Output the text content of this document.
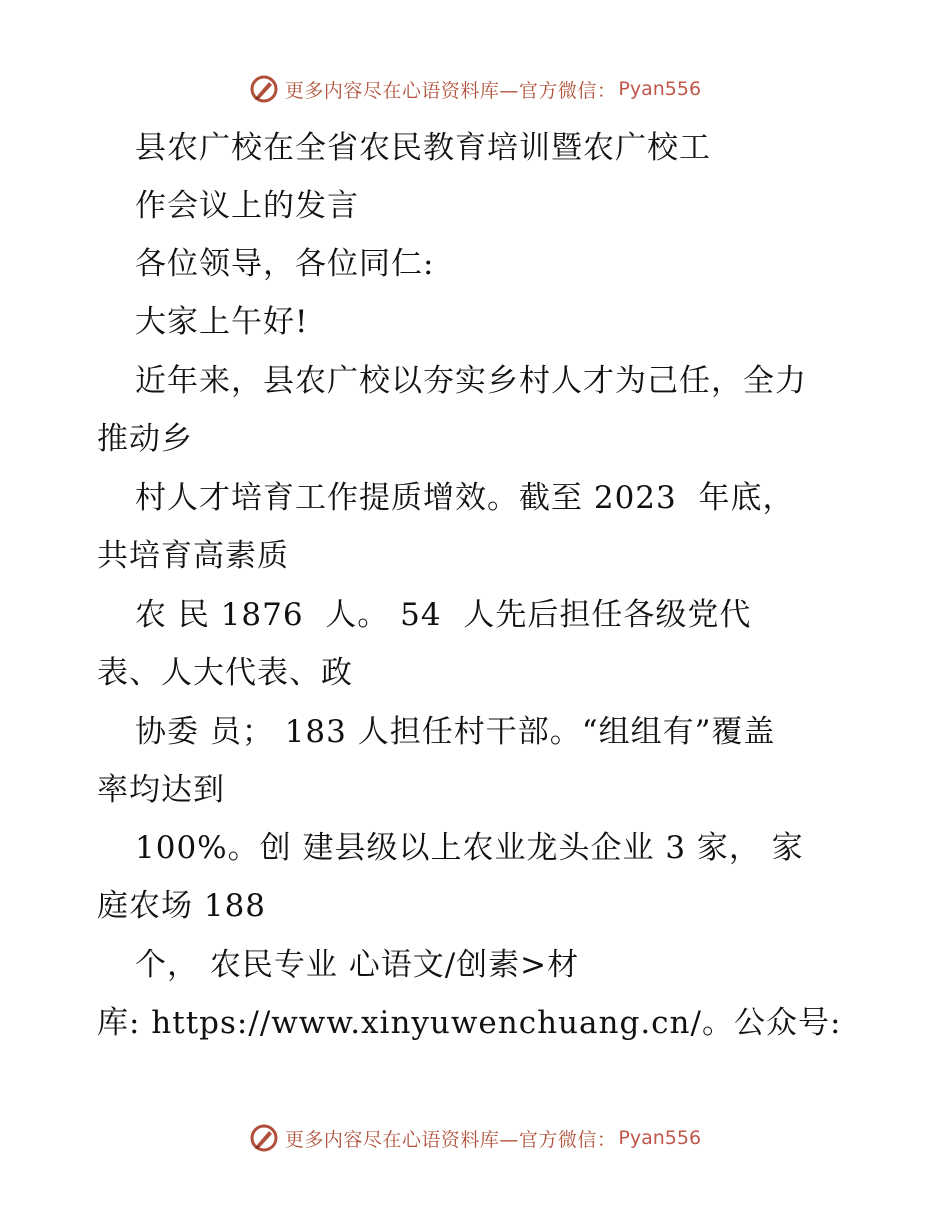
更多内容尽在心语资料库—官方微信： Pyan556
县农广校在全省农民教育培训暨农广校工
作会议上的发言
各位领导，各位同仁:
大家上午好!
近年来，县农广校以夯实乡村人才为己任，全力
推动乡
村人才培育工作提质增效。截至 2023  年底，
共培育高素质
农 民 1876  人。 54  人先后担任各级党代
表、人大代表、政
协委 员； 183 人担任村干部。“组组有”覆盖
率均达到
100%。创 建县级以上农业龙头企业 3 家， 家
庭农场 188
个， 农民专业 心语文/创素>材
库: https://www.xinyuwenchuang.cn/。公众号:
更多内容尽在心语资料库—官方微信： Pyan556
